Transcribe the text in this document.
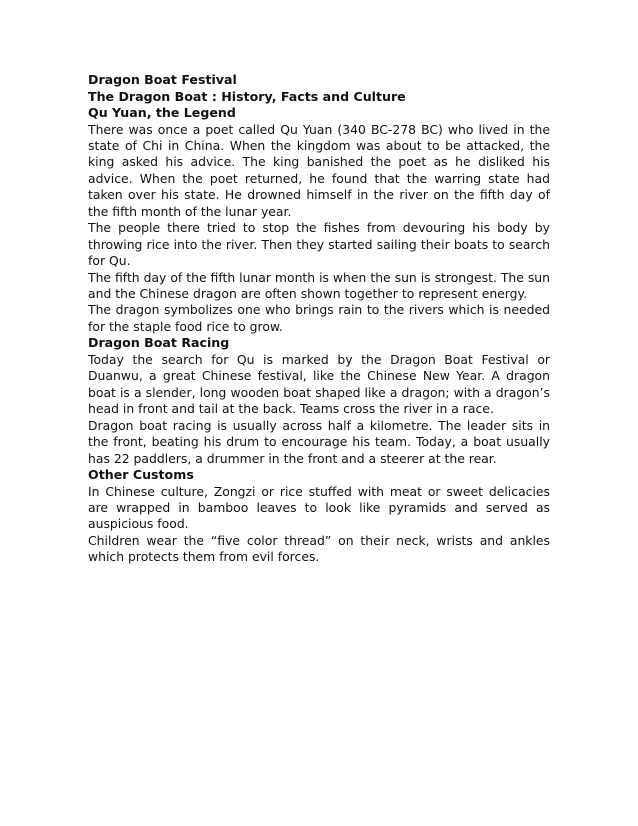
Dragon Boat Festival
The Dragon Boat : History, Facts and Culture
Qu Yuan, the Legend
There was once a poet called Qu Yuan (340 BC-278 BC) who lived in the state of Chi in China. When the kingdom was about to be attacked, the king asked his advice. The king banished the poet as he disliked his advice. When the poet returned, he found that the warring state had taken over his state. He drowned himself in the river on the fifth day of the fifth month of the lunar year.
The people there tried to stop the fishes from devouring his body by throwing rice into the river. Then they started sailing their boats to search for Qu.
The fifth day of the fifth lunar month is when the sun is strongest. The sun and the Chinese dragon are often shown together to represent energy.
The dragon symbolizes one who brings rain to the rivers which is needed for the staple food rice to grow.
Dragon Boat Racing
Today the search for Qu is marked by the Dragon Boat Festival or Duanwu, a great Chinese festival, like the Chinese New Year. A dragon boat is a slender, long wooden boat shaped like a dragon; with a dragon’s head in front and tail at the back. Teams cross the river in a race.
Dragon boat racing is usually across half a kilometre. The leader sits in the front, beating his drum to encourage his team. Today, a boat usually has 22 paddlers, a drummer in the front and a steerer at the rear.
Other Customs
In Chinese culture, Zongzi or rice stuffed with meat or sweet delicacies are wrapped in bamboo leaves to look like pyramids and served as auspicious food.
Children wear the “five color thread” on their neck, wrists and ankles which protects them from evil forces.
